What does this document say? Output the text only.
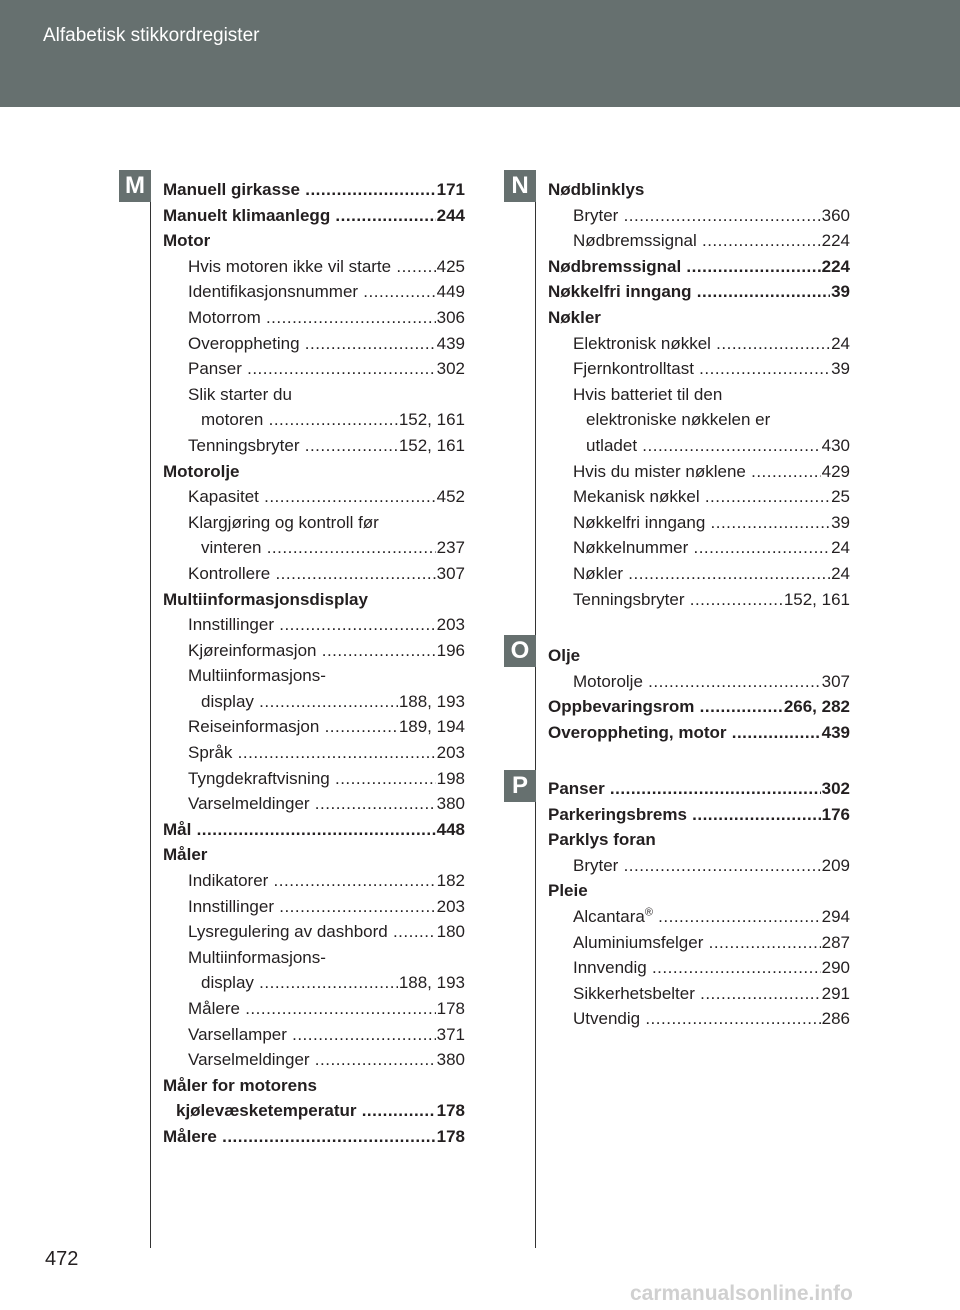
Alfabetisk stikkordregister
M	N
O
P
Manuell girkasse .....	171
Manuelt klimaanlegg .....	244
Motor
Hvis motoren ikke vil starte .....	425
Identifikasjonsnummer .....	449
Motorrom .....	306
Overoppheting .....	439
Panser .....	302
Slik starter du
motoren .....	152, 161
Tenningsbryter .....	152, 161
Motorolje
Kapasitet .....	452
Klargjøring og kontroll før
vinteren .....	237
Kontrollere .....	307
Multiinformasjonsdisplay
Innstillinger .....	203
Kjøreinformasjon .....	196
Multiinformasjons-
display .....	188, 193
Reiseinformasjon .....	189, 194
Språk .....	203
Tyngdekraftvisning .....	198
Varselmeldinger .....	380
Mål .....	448
Måler
Indikatorer .....	182
Innstillinger .....	203
Lysregulering av dashbord .....	180
Multiinformasjons-
display .....	188, 193
Målere .....	178
Varsellamper .....	371
Varselmeldinger .....	380
Måler for motorens
kjølevæsketemperatur .....	178
Målere .....	178
Nødblinklys
Bryter .....	360
Nødbremssignal .....	224
Nødbremssignal .....	224
Nøkkelfri inngang .....	39
Nøkler
Elektronisk nøkkel .....	24
Fjernkontrolltast .....	39
Hvis batteriet til den
elektroniske nøkkelen er
utladet .....	430
Hvis du mister nøklene .....	429
Mekanisk nøkkel .....	25
Nøkkelfri inngang .....	39
Nøkkelnummer .....	24
Nøkler .....	24
Tenningsbryter .....	152, 161
Olje
Motorolje .....	307
Oppbevaringsrom .....	266, 282
Overoppheting, motor .....	439
Panser .....	302
Parkeringsbrems .....	176
Parklys foran
Bryter .....	209
Pleie
Alcantara® .....	294
Aluminiumsfelger .....	287
Innvendig .....	290
Sikkerhetsbelter .....	291
Utvendig .....	286
472
carmanualsonline.info
